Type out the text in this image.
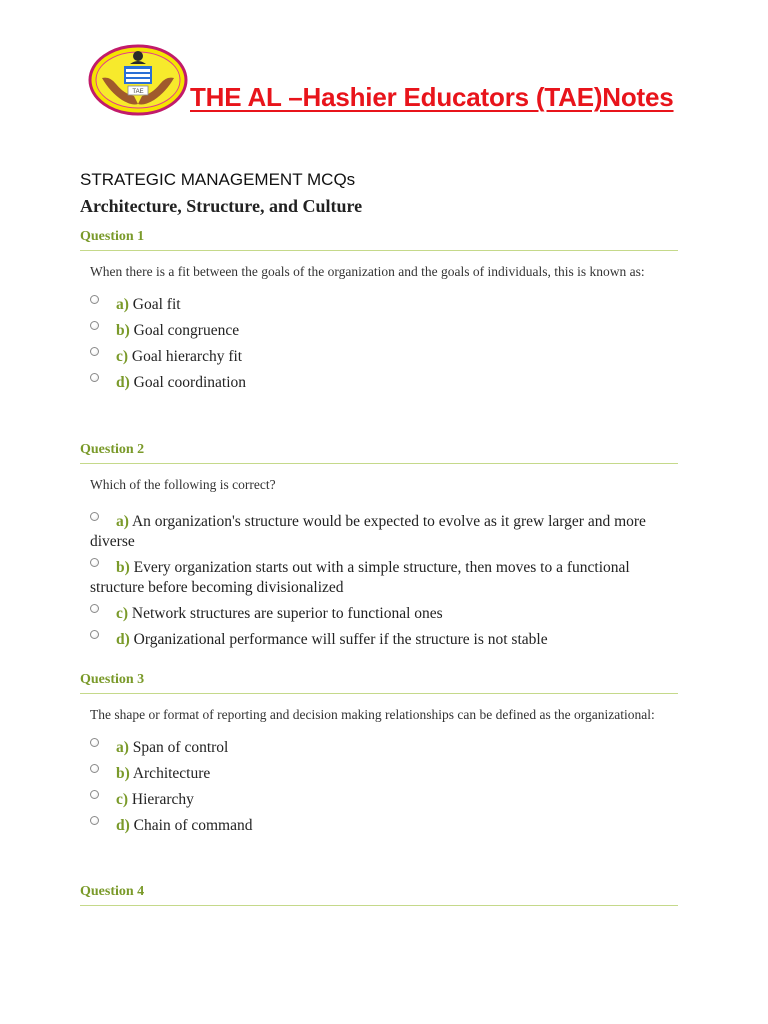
TAE THE AL –Hashier Educators (TAE)Notes
STRATEGIC MANAGEMENT MCQs
Architecture, Structure, and Culture
Question 1
When there is a fit between the goals of the organization and the goals of individuals, this is known as:
a) Goal fit
b) Goal congruence
c) Goal hierarchy fit
d) Goal coordination
Question 2
Which of the following is correct?
a) An organization's structure would be expected to evolve as it grew larger and more diverse
b) Every organization starts out with a simple structure, then moves to a functional structure before becoming divisionalized
c) Network structures are superior to functional ones
d) Organizational performance will suffer if the structure is not stable
Question 3
The shape or format of reporting and decision making relationships can be defined as the organizational:
a) Span of control
b) Architecture
c) Hierarchy
d) Chain of command
Question 4
